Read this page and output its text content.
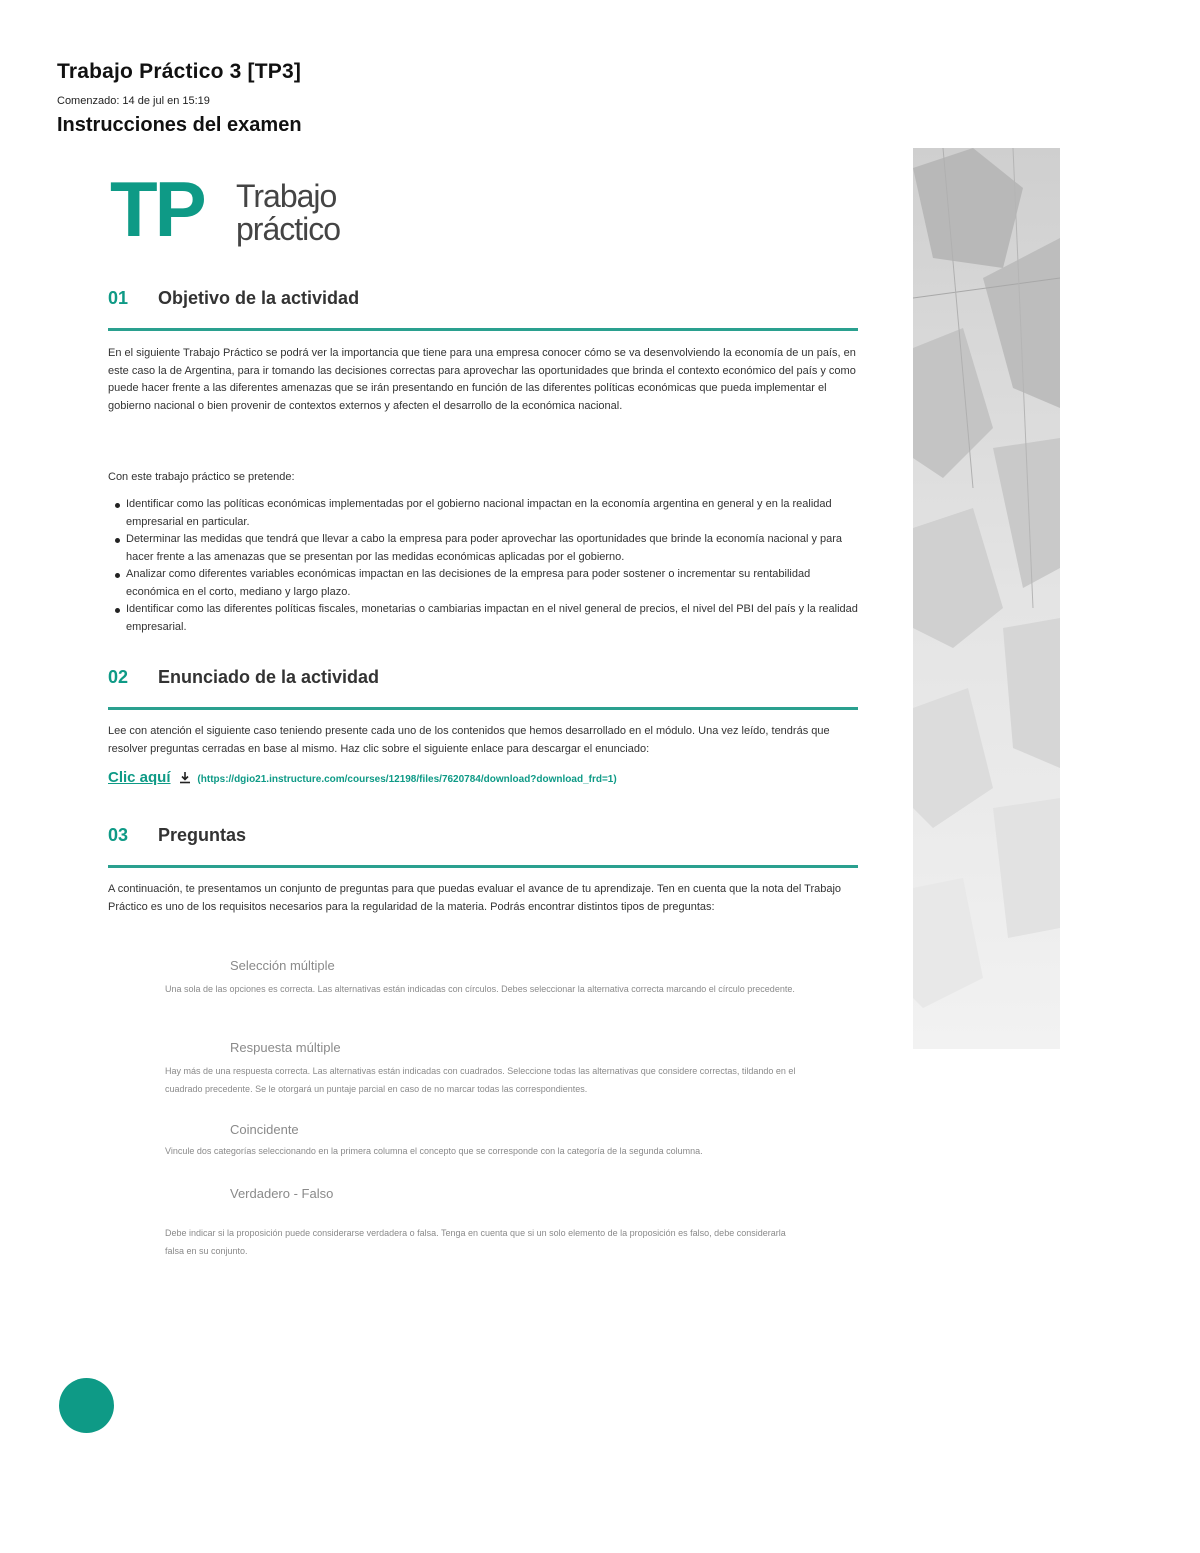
Trabajo Práctico 3 [TP3]
Comenzado: 14 de jul en 15:19
Instrucciones del examen
TP Trabajo
práctico
01 Objetivo de la actividad
En el siguiente Trabajo Práctico se podrá ver la importancia que tiene para una empresa conocer cómo se va desenvolviendo la economía de un país, en este caso la de Argentina, para ir tomando las decisiones correctas para aprovechar las oportunidades que brinda el contexto económico del país y como puede hacer frente a las diferentes amenazas que se irán presentando en función de las diferentes políticas económicas que pueda implementar el gobierno nacional o bien provenir de contextos externos y afecten el desarrollo de la económica nacional.
Con este trabajo práctico se pretende:
Identificar como las políticas económicas implementadas por el gobierno nacional impactan en la economía argentina en general y en la realidad empresarial en particular.
Determinar las medidas que tendrá que llevar a cabo la empresa para poder aprovechar las oportunidades que brinde la economía nacional y para hacer frente a las amenazas que se presentan por las medidas económicas aplicadas por el gobierno.
Analizar como diferentes variables económicas impactan en las decisiones de la empresa para poder sostener o incrementar su rentabilidad económica en el corto, mediano y largo plazo.
Identificar como las diferentes políticas fiscales, monetarias o cambiarias impactan en el nivel general de precios, el nivel del PBI del país y la realidad empresarial.
02 Enunciado de la actividad
Lee con atención el siguiente caso teniendo presente cada uno de los contenidos que hemos desarrollado en el módulo. Una vez leído, tendrás que resolver preguntas cerradas en base al mismo. Haz clic sobre el siguiente enlace para descargar el enunciado:
Clic aquí	(https://dgio21.instructure.com/courses/12198/files/7620784/download?download_frd=1)
03 Preguntas
A continuación, te presentamos un conjunto de preguntas para que puedas evaluar el avance de tu aprendizaje. Ten en cuenta que la nota del Trabajo Práctico es uno de los requisitos necesarios para la regularidad de la materia. Podrás encontrar distintos tipos de preguntas:
Selección múltiple
Una sola de las opciones es correcta. Las alternativas están indicadas con círculos. Debes seleccionar la alternativa correcta marcando el círculo precedente.
Respuesta múltiple
Hay más de una respuesta correcta. Las alternativas están indicadas con cuadrados. Seleccione todas las alternativas que considere correctas, tildando en el cuadrado precedente. Se le otorgará un puntaje parcial en caso de no marcar todas las correspondientes.
Coincidente
Vincule dos categorías seleccionando en la primera columna el concepto que se corresponde con la categoría de la segunda columna.
Verdadero - Falso
Debe indicar si la proposición puede considerarse verdadera o falsa. Tenga en cuenta que si un solo elemento de la proposición es falso, debe considerarla falsa en su conjunto.
